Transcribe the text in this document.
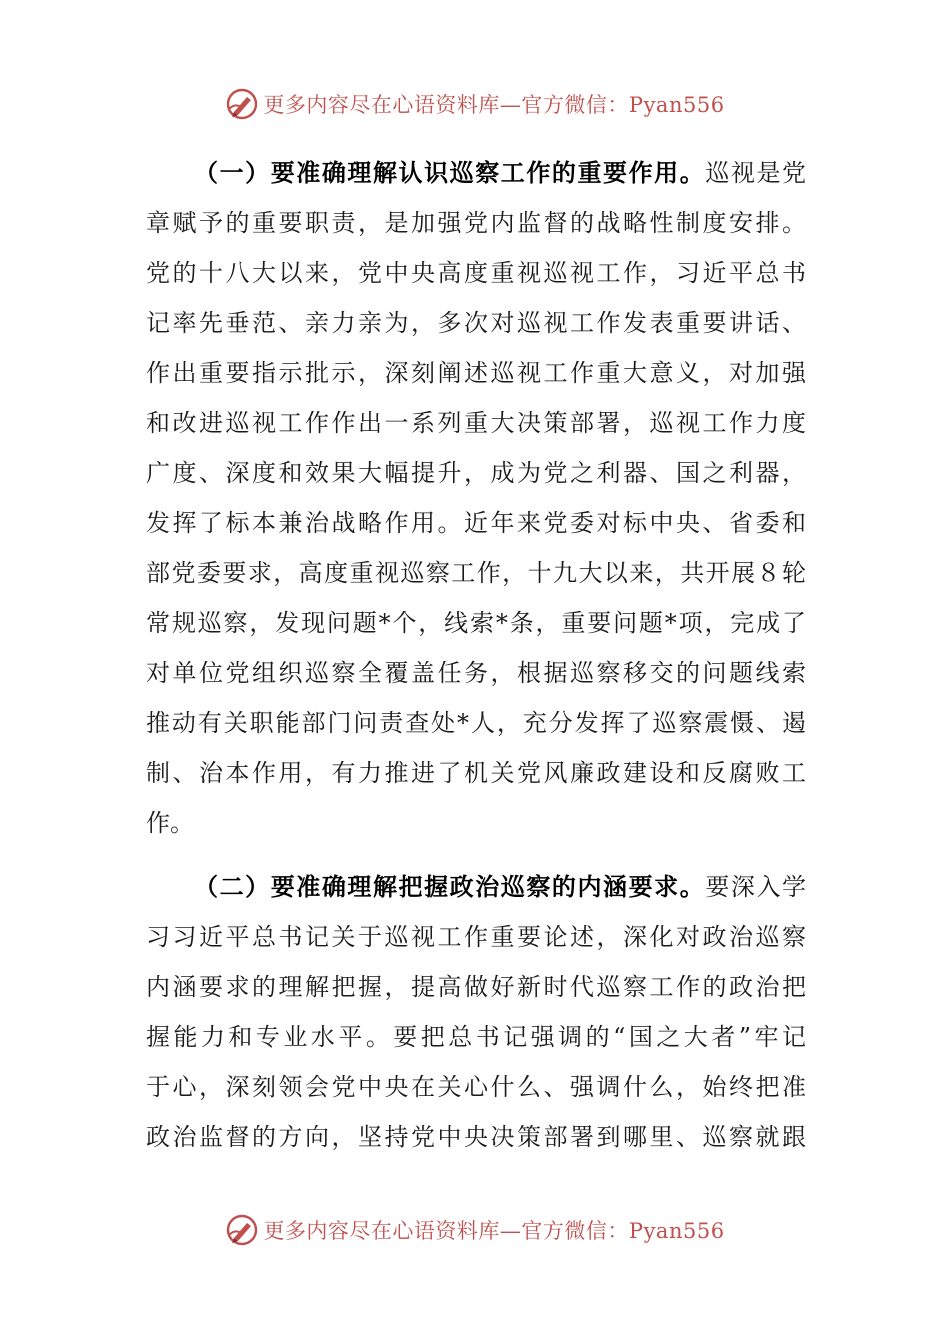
更多内容尽在心语资料库—官方微信：Pyan556
（一）要准确理解认识巡察工作的重要作用。巡视是党
章赋予的重要职责，是加强党内监督的战略性制度安排。
党的十八大以来，党中央高度重视巡视工作，习近平总书
记率先垂范、亲力亲为，多次对巡视工作发表重要讲话、
作出重要指示批示，深刻阐述巡视工作重大意义，对加强
和改进巡视工作作出一系列重大决策部署，巡视工作力度
广度、深度和效果大幅提升，成为党之利器、国之利器，
发挥了标本兼治战略作用。近年来党委对标中央、省委和
部党委要求，高度重视巡察工作，十九大以来，共开展８轮
常规巡察，发现问题*个，线索*条，重要问题*项，完成了
对单位党组织巡察全覆盖任务，根据巡察移交的问题线索
推动有关职能部门问责查处*人，充分发挥了巡察震慑、遏
制、治本作用，有力推进了机关党风廉政建设和反腐败工
作。
（二）要准确理解把握政治巡察的内涵要求。要深入学
习习近平总书记关于巡视工作重要论述，深化对政治巡察
内涵要求的理解把握，提高做好新时代巡察工作的政治把
握能力和专业水平。要把总书记强调的“国之大者”牢记
于心，深刻领会党中央在关心什么、强调什么，始终把准
政治监督的方向，坚持党中央决策部署到哪里、巡察就跟
更多内容尽在心语资料库—官方微信：Pyan556
